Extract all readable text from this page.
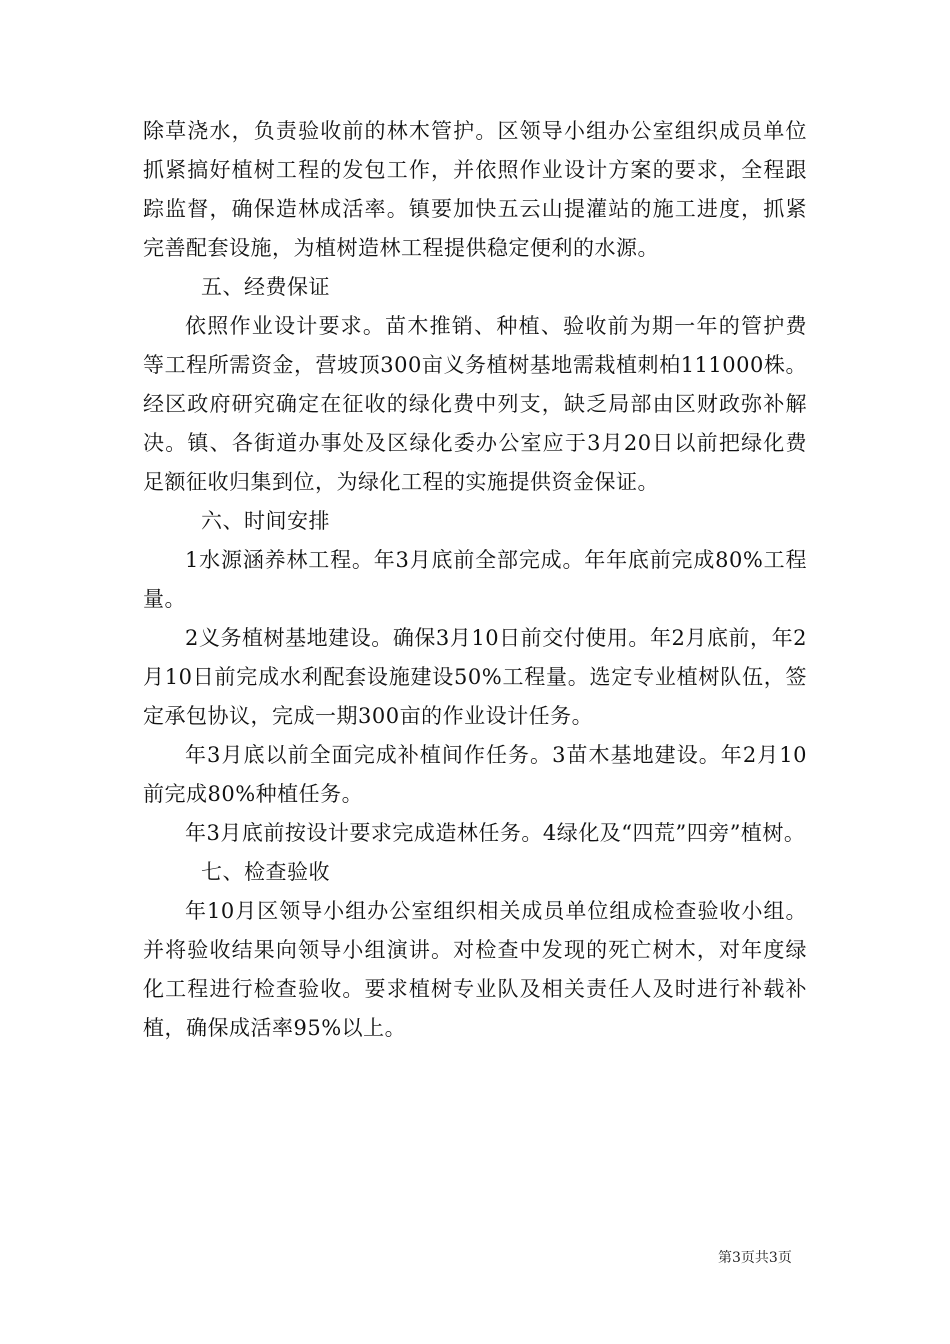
除草浇水，负责验收前的林木管护。区领导小组办公室组织成员单位抓紧搞好植树工程的发包工作，并依照作业设计方案的要求，全程跟踪监督，确保造林成活率。镇要加快五云山提灌站的施工进度，抓紧完善配套设施，为植树造林工程提供稳定便利的水源。

五、经费保证

依照作业设计要求。苗木推销、种植、验收前为期一年的管护费等工程所需资金，营坡顶300亩义务植树基地需栽植刺柏111000株。经区政府研究确定在征收的绿化费中列支，缺乏局部由区财政弥补解决。镇、各街道办事处及区绿化委办公室应于3月20日以前把绿化费足额征收归集到位，为绿化工程的实施提供资金保证。

六、时间安排

1水源涵养林工程。年3月底前全部完成。年年底前完成80%工程量。

2义务植树基地建设。确保3月10日前交付使用。年2月底前，年2月10日前完成水利配套设施建设50%工程量。选定专业植树队伍，签定承包协议，完成一期300亩的作业设计任务。

年3月底以前全面完成补植间作任务。3苗木基地建设。年2月10前完成80%种植任务。

年3月底前按设计要求完成造林任务。4绿化及“四荒”四旁”植树。

七、检查验收

年10月区领导小组办公室组织相关成员单位组成检查验收小组。并将验收结果向领导小组演讲。对检查中发现的死亡树木，对年度绿化工程进行检查验收。要求植树专业队及相关责任人及时进行补载补植，确保成活率95%以上。

第3页共3页
